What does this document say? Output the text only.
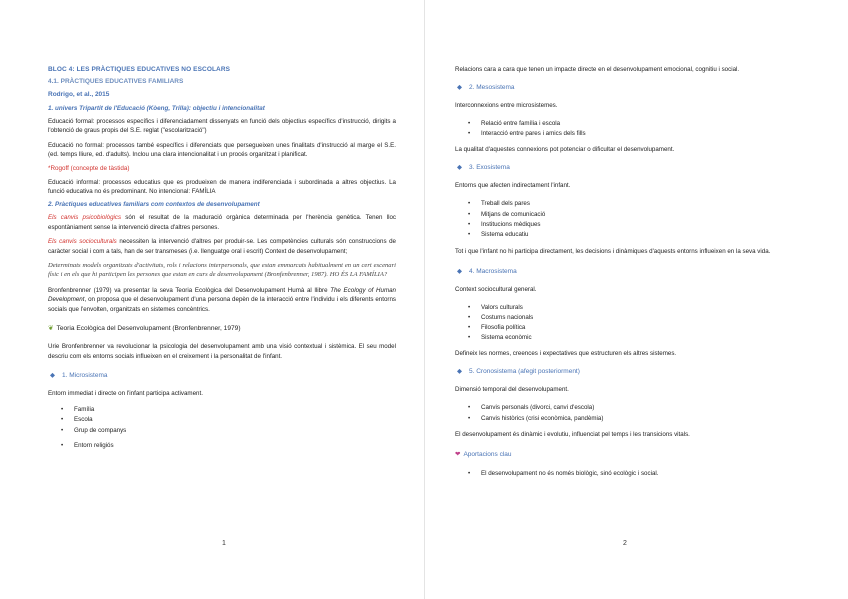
BLOC 4: LES PRÀCTIQUES EDUCATIVES NO ESCOLARS
4.1. PRÀCTIQUES EDUCATIVES FAMILIARS

Rodrigo, et al., 2015

1. univers Tripartit de l'Educació (Kòeng, Trilla): objectiu i intencionalitat

Educació formal: processos específics i diferenciadament dissenyats en funció dels objectius específics d'instrucció, dirigits a l'obtenció de graus propis del S.E. reglat ("escolarització")

Educació no formal: processos també específics i diferenciats que persegueixen unes finalitats d'instrucció al marge el S.E. (ed. temps lliure, ed. d'adults). Inclou una clara intencionalitat i un procés organitzat i planificat.

*Rogoff (concepte de tàstida)

Educació informal: processos educatius que es produeixen de manera indiferenciada i subordinada a altres objectius. La funció educativa no és predominant. No intencional: FAMÍLIA

2. Pràctiques educatives familiars com contextos de desenvolupament

Els canvis psicobiològics són el resultat de la maduració orgànica determinada per l'herència genètica. Tenen lloc espontàniament sense la intervenció directa d'altres persones.

Els canvis socioculturals necessiten la intervenció d'altres per produir-se. Les competències culturals són construccions de caràcter social i com a tals, han de ser transmeses (i.e. llenguatge oral i escrit) Context de desenvolupament;

Determinats models organitzats d'activitats, rols i relacions interpersonals, que estan emmarcats habitualment en un cert escenari físic i en els que hi participen les persones que estan en curs de desenvolupament (Bronfenbrenner, 1987). HO ÉS LA FAMÍLIA?

Bronfenbrenner (1979) va presentar la seva Teoria Ecològica del Desenvolupament Humà al llibre The Ecology of Human Development, on proposa que el desenvolupament d'una persona depèn de la interacció entre l'individu i els diferents entorns socials que l'envolten, organitzats en sistemes concèntrics.

❦ Teoria Ecològica del Desenvolupament (Bronfenbrenner, 1979)

Urie Bronfenbrenner va revolucionar la psicologia del desenvolupament amb una visió contextual i sistèmica. El seu model descriu com els entorns socials influeixen en el creixement i la personalitat de l'infant.

◆ 1. Microsistema

Entorn immediat i directe on l'infant participa activament.

• Família
• Escola
• Grup de companys
• Entorn religiós
1

Relacions cara a cara que tenen un impacte directe en el desenvolupament emocional, cognitiu i social.

◆ 2. Mesosistema

Interconnexions entre microsistemes.

• Relació entre família i escola
• Interacció entre pares i amics dels fills

La qualitat d'aquestes connexions pot potenciar o dificultar el desenvolupament.

◆ 3. Exosistema

Entorns que afecten indirectament l'infant.

• Treball dels pares
• Mitjans de comunicació
• Institucions mèdiques
• Sistema educatiu

Tot i que l'infant no hi participa directament, les decisions i dinàmiques d'aquests entorns influeixen en la seva vida.

◆ 4. Macrosistema

Context sociocultural general.

• Valors culturals
• Costums nacionals
• Filosofia política
• Sistema econòmic

Defineix les normes, creences i expectatives que estructuren els altres sistemes.

◆ 5. Cronosistema (afegit posteriorment)

Dimensió temporal del desenvolupament.

• Canvis personals (divorci, canvi d'escola)
• Canvis històrics (crisi econòmica, pandèmia)

El desenvolupament és dinàmic i evolutiu, influenciat pel temps i les transicions vitals.

❤ Aportacions clau

• El desenvolupament no és només biològic, sinó ecològic i social.
2
